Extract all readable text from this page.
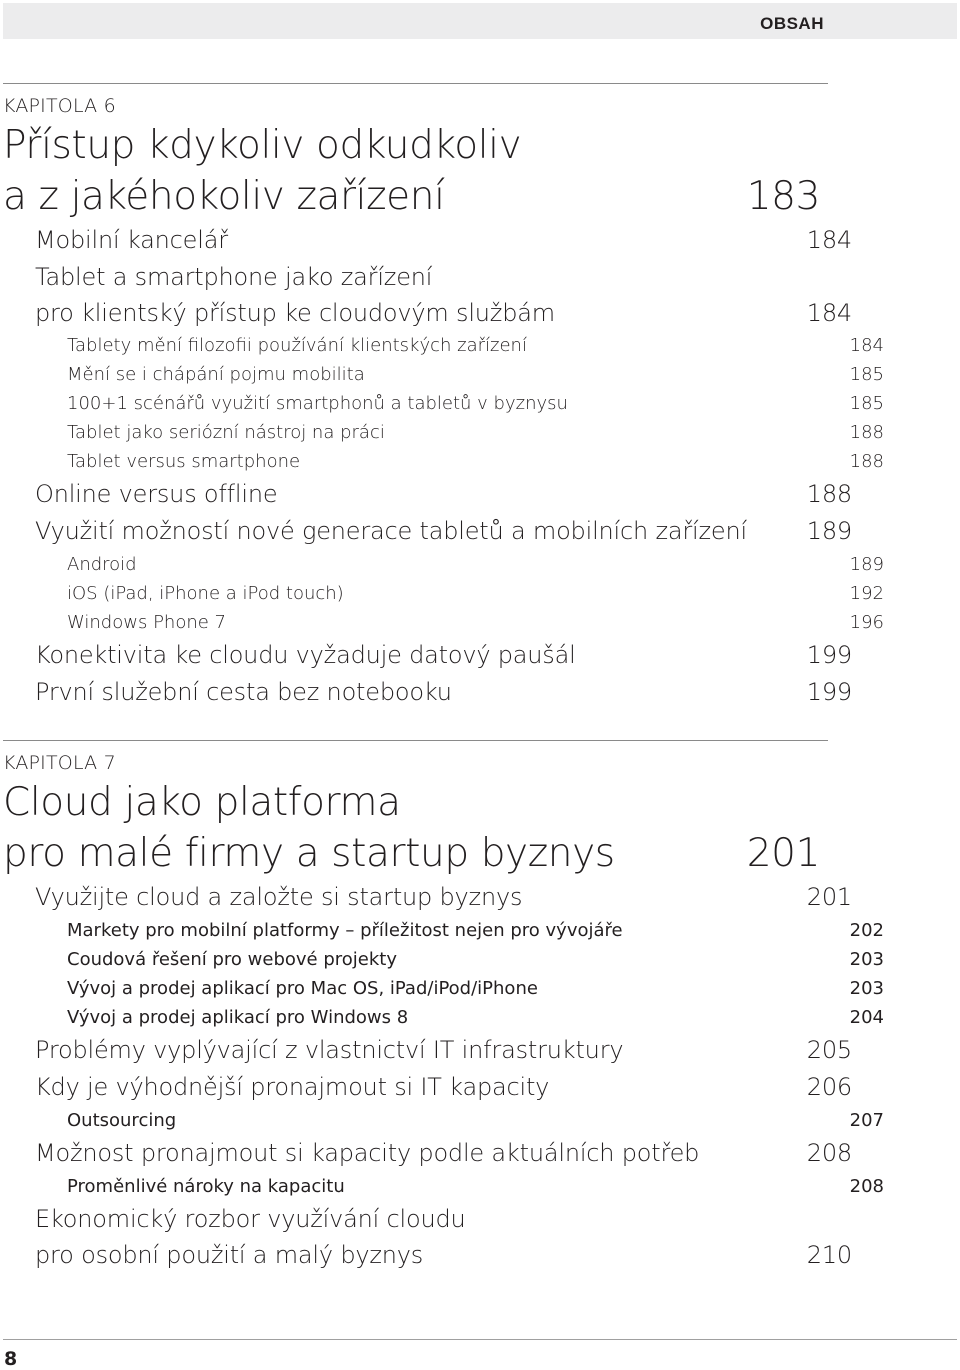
OBSAH
KAPITOLA 6
Přístup kdykoliv odkudkoliv
a z jakéhokoliv zařízení	183
Mobilní kancelář	184
Tablet a smartphone jako zařízení
pro klientský přístup ke cloudovým službám	184
Tablety mění filozofii používání klientských zařízení	184
Mění se i chápání pojmu mobilita	185
100+1 scénářů využití smartphonů a tabletů v byznysu	185
Tablet jako seriózní nástroj na práci	188
Tablet versus smartphone	188
Online versus offline	188
Využití možností nové generace tabletů a mobilních zařízení	189
Android	189
iOS (iPad, iPhone a iPod touch)	192
Windows Phone 7	196
Konektivita ke cloudu vyžaduje datový paušál	199
První služební cesta bez notebooku	199
KAPITOLA 7
Cloud jako platforma
pro malé firmy a startup byznys	201
Využijte cloud a založte si startup byznys	201
Markety pro mobilní platformy – příležitost nejen pro vývojáře	202
Coudová řešení pro webové projekty	203
Vývoj a prodej aplikací pro Mac OS, iPad/iPod/iPhone	203
Vývoj a prodej aplikací pro Windows 8	204
Problémy vyplývající z vlastnictví IT infrastruktury	205
Kdy je výhodnější pronajmout si IT kapacity	206
Outsourcing	207
Možnost pronajmout si kapacity podle aktuálních potřeb	208
Proměnlivé nároky na kapacitu	208
Ekonomický rozbor využívání cloudu
pro osobní použití a malý byznys	210
8
